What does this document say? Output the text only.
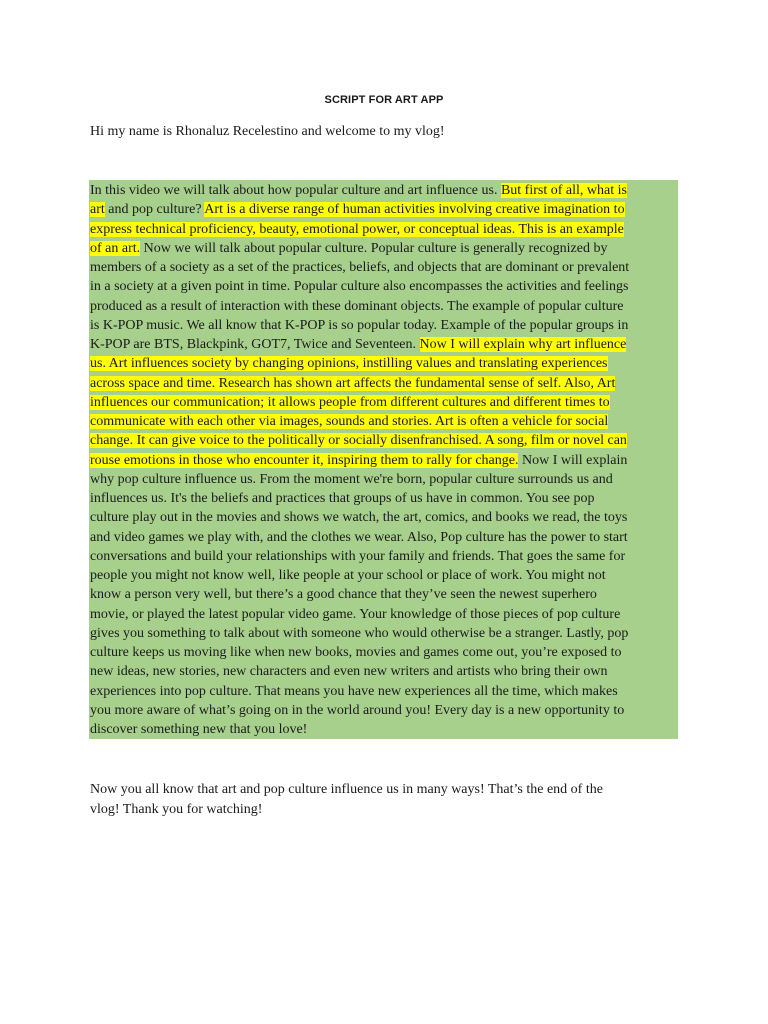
SCRIPT FOR ART APP
Hi my name is Rhonaluz Recelestino and welcome to my vlog!
In this video we will talk about how popular culture and art influence us. But first of all, what is
art and pop culture? Art is a diverse range of human activities involving creative imagination to
express technical proficiency, beauty, emotional power, or conceptual ideas. This is an example
of an art. Now we will talk about popular culture. Popular culture is generally recognized by
members of a society as a set of the practices, beliefs, and objects that are dominant or prevalent
in a society at a given point in time. Popular culture also encompasses the activities and feelings
produced as a result of interaction with these dominant objects. The example of popular culture
is K-POP music. We all know that K-POP is so popular today. Example of the popular groups in
K-POP are BTS, Blackpink, GOT7, Twice and Seventeen. Now I will explain why art influence
us. Art influences society by changing opinions, instilling values and translating experiences
across space and time. Research has shown art affects the fundamental sense of self. Also, Art
influences our communication; it allows people from different cultures and different times to
communicate with each other via images, sounds and stories. Art is often a vehicle for social
change. It can give voice to the politically or socially disenfranchised. A song, film or novel can
rouse emotions in those who encounter it, inspiring them to rally for change. Now I will explain
why pop culture influence us. From the moment we're born, popular culture surrounds us and
influences us. It's the beliefs and practices that groups of us have in common. You see pop
culture play out in the movies and shows we watch, the art, comics, and books we read, the toys
and video games we play with, and the clothes we wear. Also, Pop culture has the power to start
conversations and build your relationships with your family and friends. That goes the same for
people you might not know well, like people at your school or place of work. You might not
know a person very well, but there’s a good chance that they’ve seen the newest superhero
movie, or played the latest popular video game. Your knowledge of those pieces of pop culture
gives you something to talk about with someone who would otherwise be a stranger. Lastly, pop
culture keeps us moving like when new books, movies and games come out, you’re exposed to
new ideas, new stories, new characters and even new writers and artists who bring their own
experiences into pop culture. That means you have new experiences all the time, which makes
you more aware of what’s going on in the world around you! Every day is a new opportunity to
discover something new that you love!
Now you all know that art and pop culture influence us in many ways! That’s the end of the
vlog! Thank you for watching!
